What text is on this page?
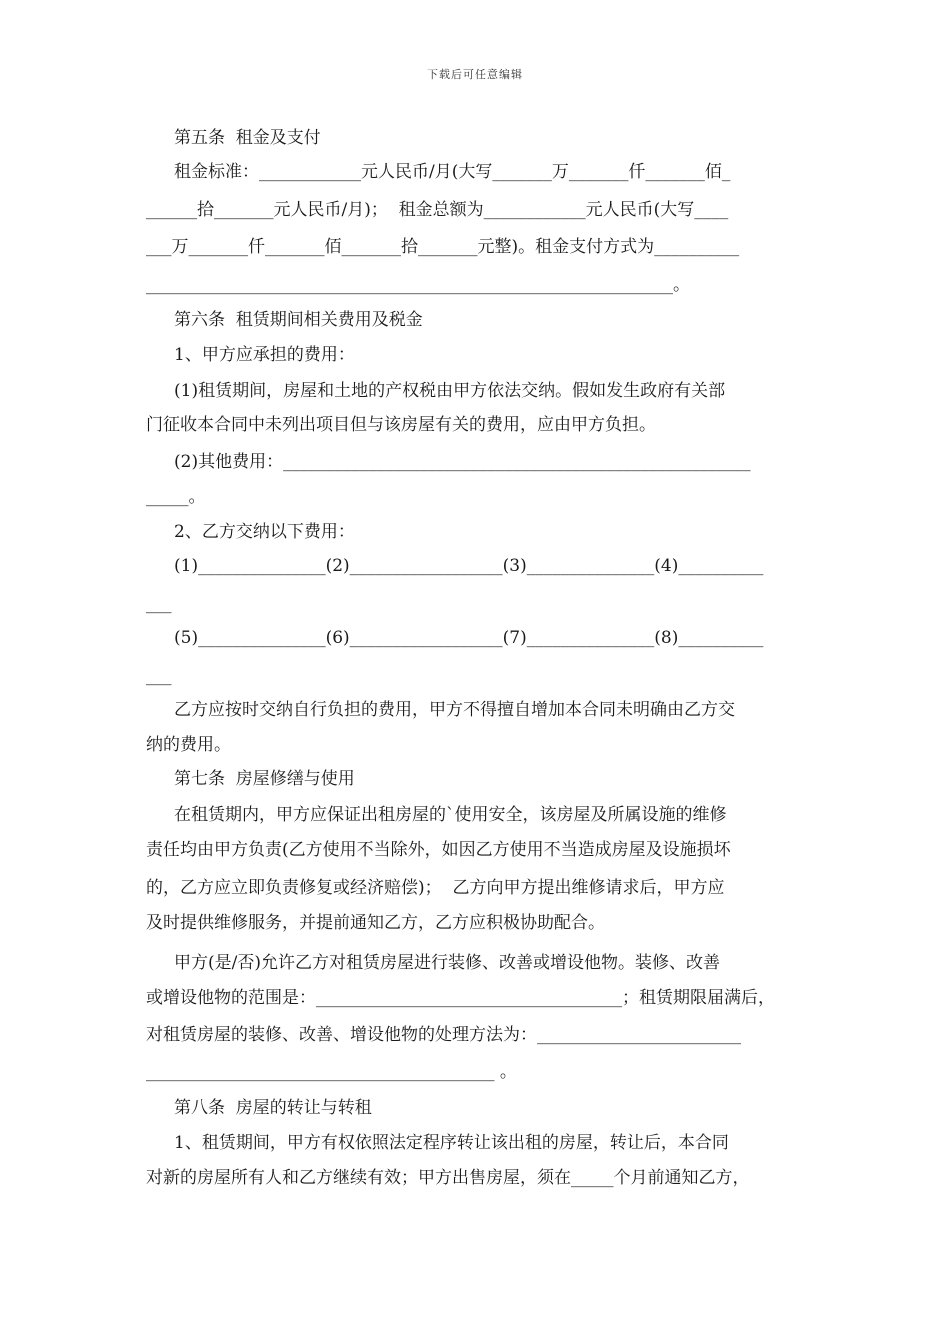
下载后可任意编辑
第五条  租金及支付
租金标准：____________元人民币/月(大写_______万_______仟_______佰_
______拾_______元人民币/月)；  租金总额为____________元人民币(大写____
___万_______仟_______佰_______拾_______元整)。租金支付方式为__________
______________________________________________________________。
第六条  租赁期间相关费用及税金
1、甲方应承担的费用：
(1)租赁期间，房屋和土地的产权税由甲方依法交纳。假如发生政府有关部
门征收本合同中未列出项目但与该房屋有关的费用，应由甲方负担。
(2)其他费用：_______________________________________________________
_____。
2、乙方交纳以下费用：
(1)_______________(2)__________________(3)_______________(4)__________
___
(5)_______________(6)__________________(7)_______________(8)__________
___
乙方应按时交纳自行负担的费用，甲方不得擅自增加本合同未明确由乙方交
纳的费用。
第七条  房屋修缮与使用
在租赁期内，甲方应保证出租房屋的`使用安全，该房屋及所属设施的维修
责任均由甲方负责(乙方使用不当除外，如因乙方使用不当造成房屋及设施损坏
的，乙方应立即负责修复或经济赔偿)；  乙方向甲方提出维修请求后，甲方应
及时提供维修服务，并提前通知乙方，乙方应积极协助配合。
甲方(是/否)允许乙方对租赁房屋进行装修、改善或增设他物。装修、改善
或增设他物的范围是：____________________________________；租赁期限届满后，
对租赁房屋的装修、改善、增设他物的处理方法为：________________________
_________________________________________ 。
第八条  房屋的转让与转租
1、租赁期间，甲方有权依照法定程序转让该出租的房屋，转让后，本合同
对新的房屋所有人和乙方继续有效；甲方出售房屋，须在_____个月前通知乙方，
